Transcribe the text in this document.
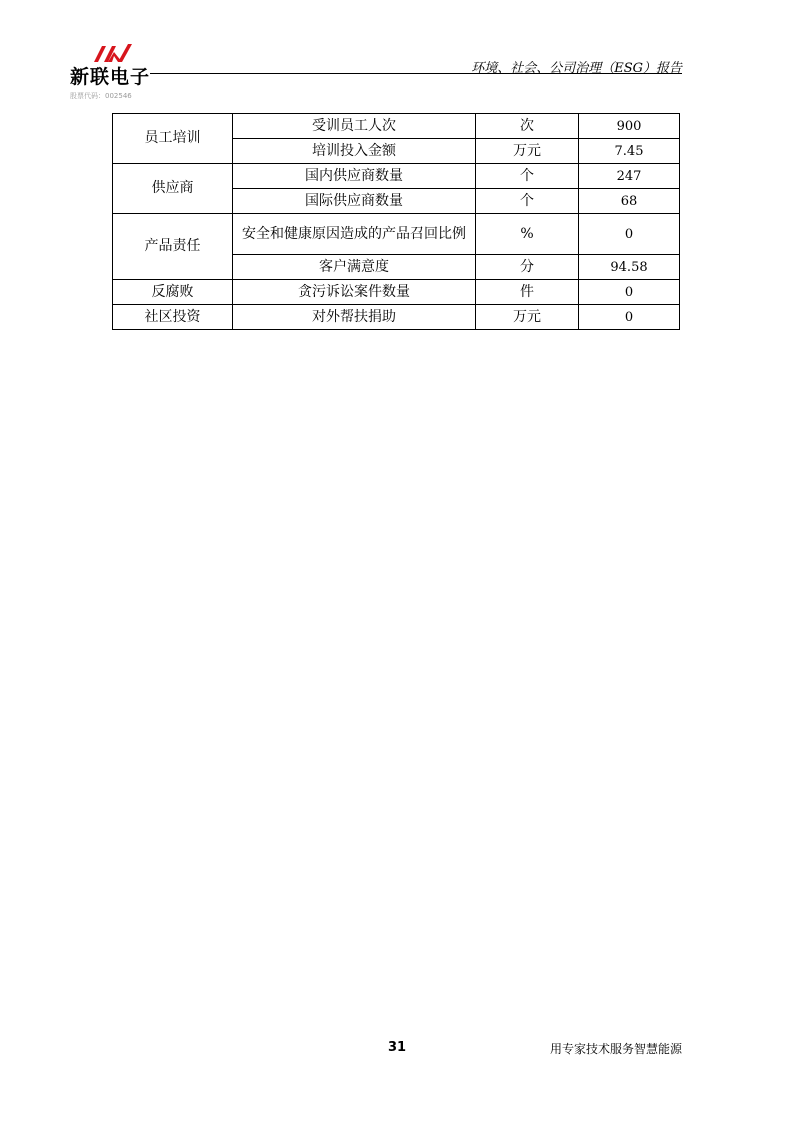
新联电子
股票代码：002546
环境、社会、公司治理（ESG）报告
员工培训	受训员工人次	次	900
	培训投入金额	万元	7.45
供应商	国内供应商数量	个	247
	国际供应商数量	个	68
产品责任	安全和健康原因造成的产品召回比例	%	0
	客户满意度	分	94.58
反腐败	贪污诉讼案件数量	件	0
社区投资	对外帮扶捐助	万元	0
31	用专家技术服务智慧能源
